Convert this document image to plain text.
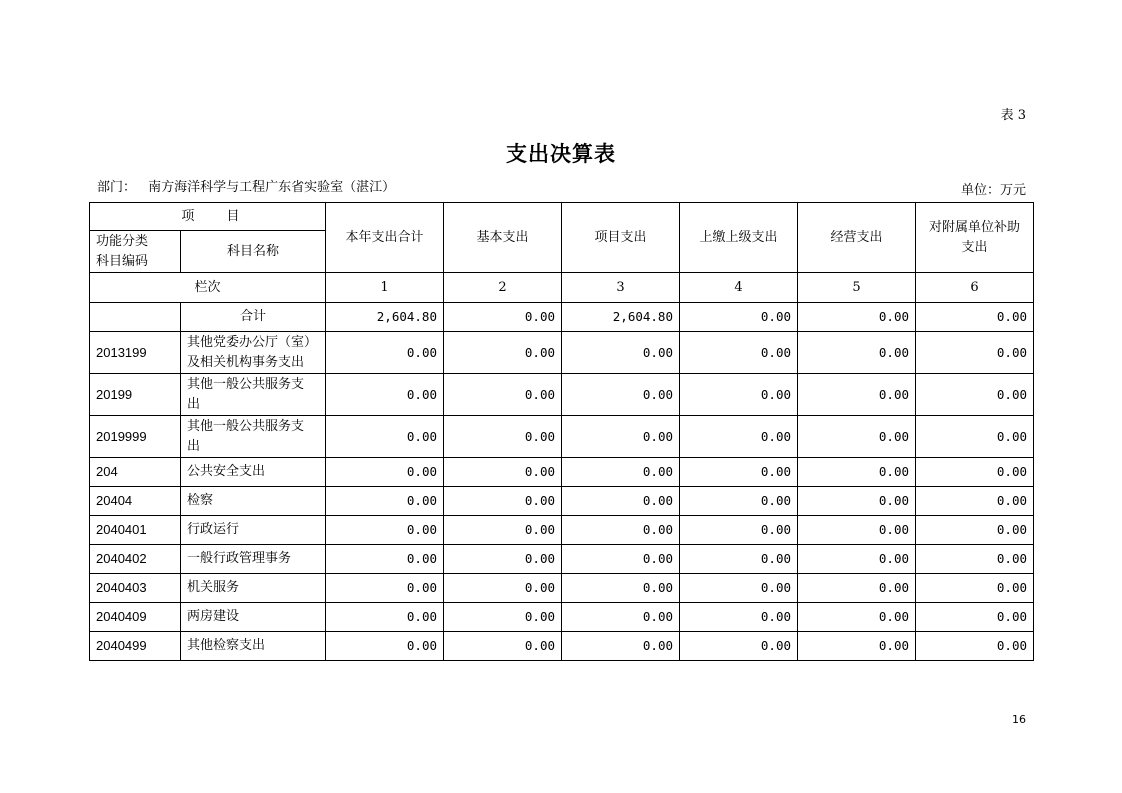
表 3
支出决算表
部门： 南方海洋科学与工程广东省实验室（湛江）	单位：万元
项 目		本年支出合计	基本支出	项目支出	上缴上级支出	经营支出	对附属单位补助
支出

功能分类
科目编码	科目名称						
栏次		1	2	3	4	5	6
	合计	2,604.80	0.00	2,604.80	0.00	0.00	0.00
2013199	其他党委办公厅（室）
及相关机构事务支出	0.00	0.00	0.00	0.00	0.00	0.00
20199	其他一般公共服务支
出	0.00	0.00	0.00	0.00	0.00	0.00
2019999	其他一般公共服务支
出	0.00	0.00	0.00	0.00	0.00	0.00
204	公共安全支出	0.00	0.00	0.00	0.00	0.00	0.00
20404	检察	0.00	0.00	0.00	0.00	0.00	0.00
2040401	行政运行	0.00	0.00	0.00	0.00	0.00	0.00
2040402	一般行政管理事务	0.00	0.00	0.00	0.00	0.00	0.00
2040403	机关服务	0.00	0.00	0.00	0.00	0.00	0.00
2040409	两房建设	0.00	0.00	0.00	0.00	0.00	0.00
2040499	其他检察支出	0.00	0.00	0.00	0.00	0.00	0.00
16
